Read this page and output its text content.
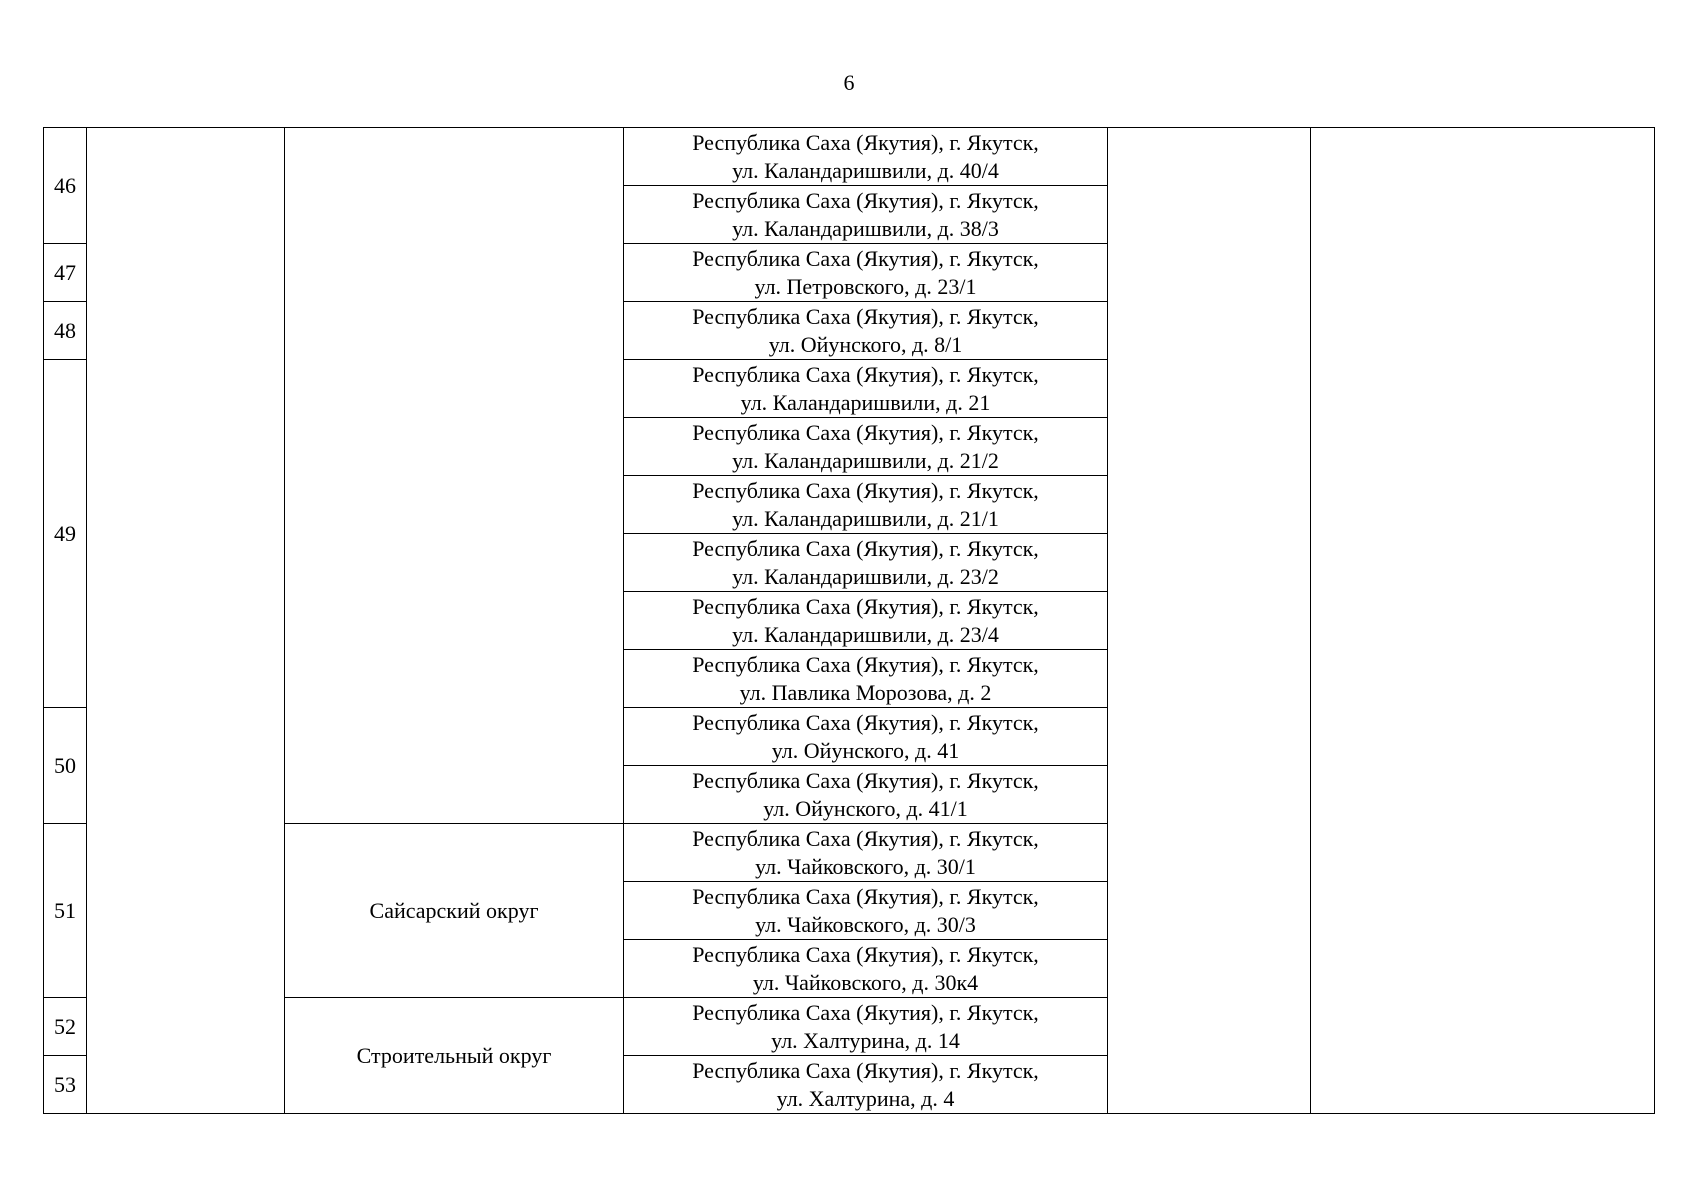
6
46			Республика Саха (Якутия), г. Якутск,
ул. Каландаришвили, д. 40/4		

			Республика Саха (Якутия), г. Якутск,
ул. Каландаришвили, д. 38/3		

47			Республика Саха (Якутия), г. Якутск,
ул. Петровского, д. 23/1		

48			Республика Саха (Якутия), г. Якутск,
ул. Ойунского, д. 8/1		

49			Республика Саха (Якутия), г. Якутск,
ул. Каландаришвили, д. 21		

			Республика Саха (Якутия), г. Якутск,
ул. Каландаришвили, д. 21/2		

			Республика Саха (Якутия), г. Якутск,
ул. Каландаришвили, д. 21/1		

			Республика Саха (Якутия), г. Якутск,
ул. Каландаришвили, д. 23/2		

			Республика Саха (Якутия), г. Якутск,
ул. Каландаришвили, д. 23/4		

			Республика Саха (Якутия), г. Якутск,
ул. Павлика Морозова, д. 2		

50			Республика Саха (Якутия), г. Якутск,
ул. Ойунского, д. 41		

			Республика Саха (Якутия), г. Якутск,
ул. Ойунского, д. 41/1		

51		Сайсарский округ	Республика Саха (Якутия), г. Якутск,
ул. Чайковского, д. 30/1		

			Республика Саха (Якутия), г. Якутск,
ул. Чайковского, д. 30/3		

			Республика Саха (Якутия), г. Якутск,
ул. Чайковского, д. 30к4		

52		Строительный округ	Республика Саха (Якутия), г. Якутск,
ул. Халтурина, д. 14		

53			Республика Саха (Якутия), г. Якутск,
ул. Халтурина, д. 4		
